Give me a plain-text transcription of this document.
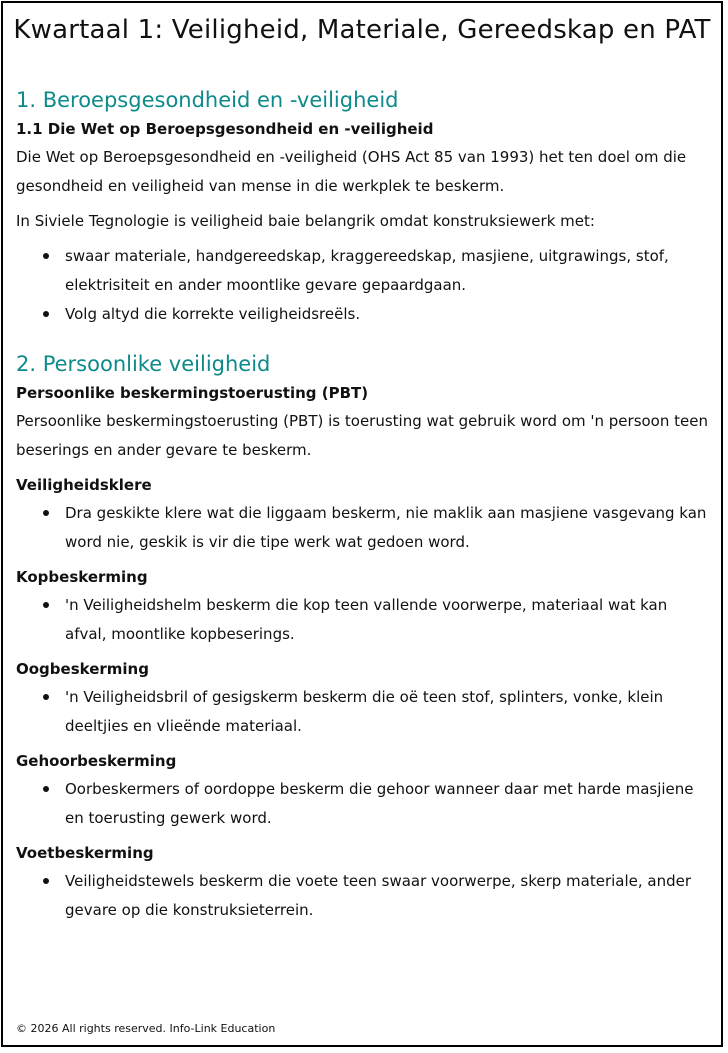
Kwartaal 1: Veiligheid, Materiale, Gereedskap en PAT
1. Beroepsgesondheid en -veiligheid
1.1 Die Wet op Beroepsgesondheid en -veiligheid

Die Wet op Beroepsgesondheid en -veiligheid (OHS Act 85 van 1993) het ten doel om die gesondheid en veiligheid van mense in die werkplek te beskerm.

In Siviele Tegnologie is veiligheid baie belangrik omdat konstruksiewerk met:

swaar materiale, handgereedskap, kraggereedskap, masjiene, uitgrawings, stof, elektrisiteit en ander moontlike gevare gepaardgaan.
Volg altyd die korrekte veiligheidsreëls.
2. Persoonlike veiligheid
Persoonlike beskermingstoerusting (PBT)

Persoonlike beskermingstoerusting (PBT) is toerusting wat gebruik word om 'n persoon teen beserings en ander gevare te beskerm.

Veiligheidsklere
Dra geskikte klere wat die liggaam beskerm, nie maklik aan masjiene vasgevang kan word nie, geskik is vir die tipe werk wat gedoen word.
Kopbeskerming
'n Veiligheidshelm beskerm die kop teen vallende voorwerpe, materiaal wat kan afval, moontlike kopbeserings.
Oogbeskerming
'n Veiligheidsbril of gesigskerm beskerm die oë teen stof, splinters, vonke, klein deeltjies en vlieënde materiaal.
Gehoorbeskerming
Oorbeskermers of oordoppe beskerm die gehoor wanneer daar met harde masjiene en toerusting gewerk word.
Voetbeskerming
Veiligheidstewels beskerm die voete teen swaar voorwerpe, skerp materiale, ander gevare op die konstruksieterrein.
© 2026 All rights reserved. Info-Link Education
